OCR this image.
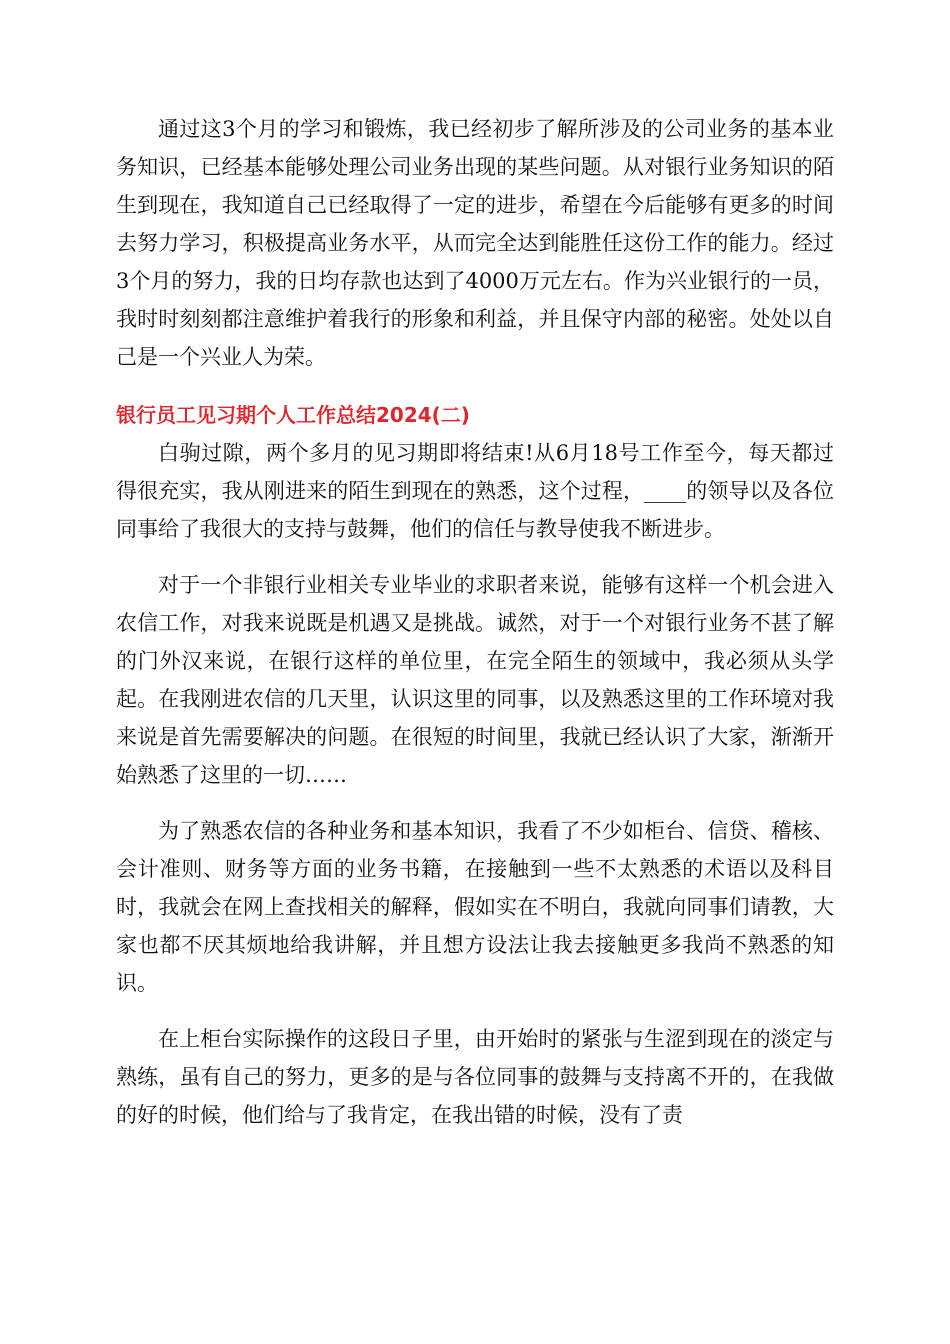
通过这3个月的学习和锻炼，我已经初步了解所涉及的公司业务的基本业务知识，已经基本能够处理公司业务出现的某些问题。从对银行业务知识的陌生到现在，我知道自己已经取得了一定的进步，希望在今后能够有更多的时间去努力学习，积极提高业务水平，从而完全达到能胜任这份工作的能力。经过3个月的努力，我的日均存款也达到了4000万元左右。作为兴业银行的一员，我时时刻刻都注意维护着我行的形象和利益，并且保守内部的秘密。处处以自己是一个兴业人为荣。

银行员工见习期个人工作总结2024(二)

白驹过隙，两个多月的见习期即将结束!从6月18号工作至今，每天都过得很充实，我从刚进来的陌生到现在的熟悉，这个过程，____的领导以及各位同事给了我很大的支持与鼓舞，他们的信任与教导使我不断进步。

对于一个非银行业相关专业毕业的求职者来说，能够有这样一个机会进入农信工作，对我来说既是机遇又是挑战。诚然，对于一个对银行业务不甚了解的门外汉来说，在银行这样的单位里，在完全陌生的领域中，我必须从头学起。在我刚进农信的几天里，认识这里的同事，以及熟悉这里的工作环境对我来说是首先需要解决的问题。在很短的时间里，我就已经认识了大家，渐渐开始熟悉了这里的一切……

为了熟悉农信的各种业务和基本知识，我看了不少如柜台、信贷、稽核、会计准则、财务等方面的业务书籍，在接触到一些不太熟悉的术语以及科目时，我就会在网上查找相关的解释，假如实在不明白，我就向同事们请教，大家也都不厌其烦地给我讲解，并且想方设法让我去接触更多我尚不熟悉的知识。

在上柜台实际操作的这段日子里，由开始时的紧张与生涩到现在的淡定与熟练，虽有自己的努力，更多的是与各位同事的鼓舞与支持离不开的，在我做的好的时候，他们给与了我肯定，在我出错的时候，没有了责
